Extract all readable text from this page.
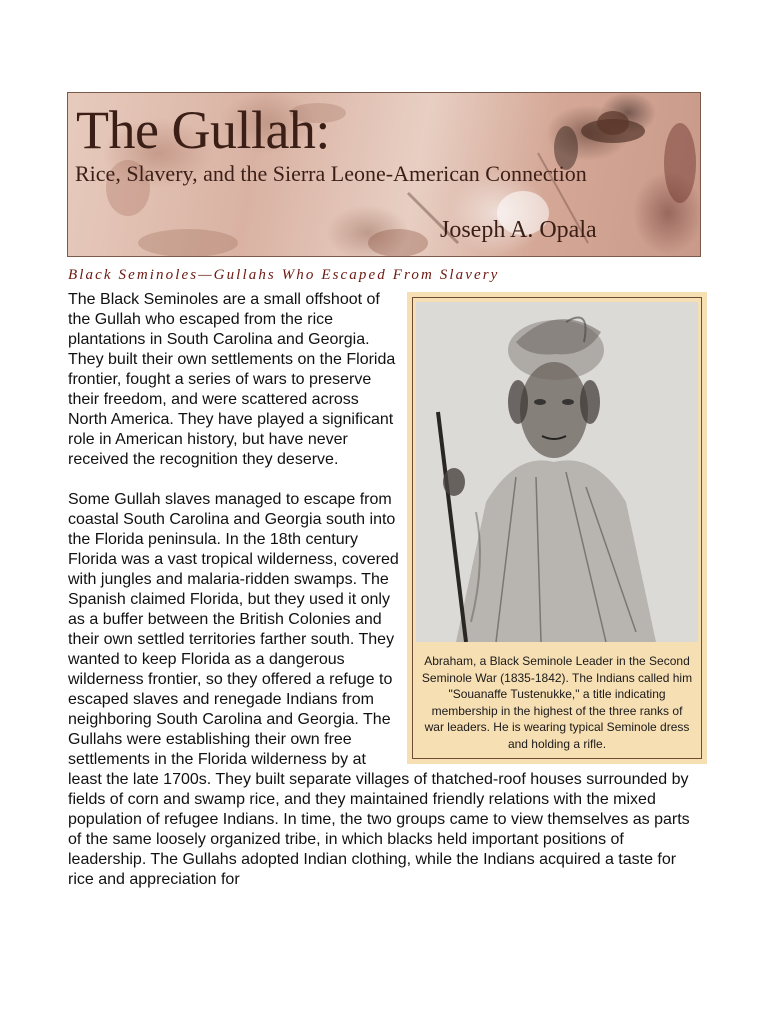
The Gullah:
Rice, Slavery, and the Sierra Leone-American Connection
Joseph A. Opala
Black Seminoles—Gullahs Who Escaped From Slavery

Abraham, a Black Seminole Leader in the Second Seminole War (1835-1842). The Indians called him "Souanaffe Tustenukke," a title indicating membership in the highest of the three ranks of war leaders. He is wearing typical Seminole dress and holding a rifle.

The Black Seminoles are a small offshoot of the Gullah who escaped from the rice plantations in South Carolina and Georgia. They built their own settlements on the Florida frontier, fought a series of wars to preserve their freedom, and were scattered across North America. They have played a significant role in American history, but have never received the recognition they deserve.

Some Gullah slaves managed to escape from coastal South Carolina and Georgia south into the Florida peninsula. In the 18th century Florida was a vast tropical wilderness, covered with jungles and malaria-ridden swamps. The Spanish claimed Florida, but they used it only as a buffer between the British Colonies and their own settled territories farther south. They wanted to keep Florida as a dangerous wilderness frontier, so they offered a refuge to escaped slaves and renegade Indians from neighboring South Carolina and Georgia. The Gullahs were establishing their own free settlements in the Florida wilderness by at least the late 1700s. They built separate villages of thatched-roof houses surrounded by fields of corn and swamp rice, and they maintained friendly relations with the mixed population of refugee Indians. In time, the two groups came to view themselves as parts of the same loosely organized tribe, in which blacks held important positions of leadership. The Gullahs adopted Indian clothing, while the Indians acquired a taste for rice and appreciation for
